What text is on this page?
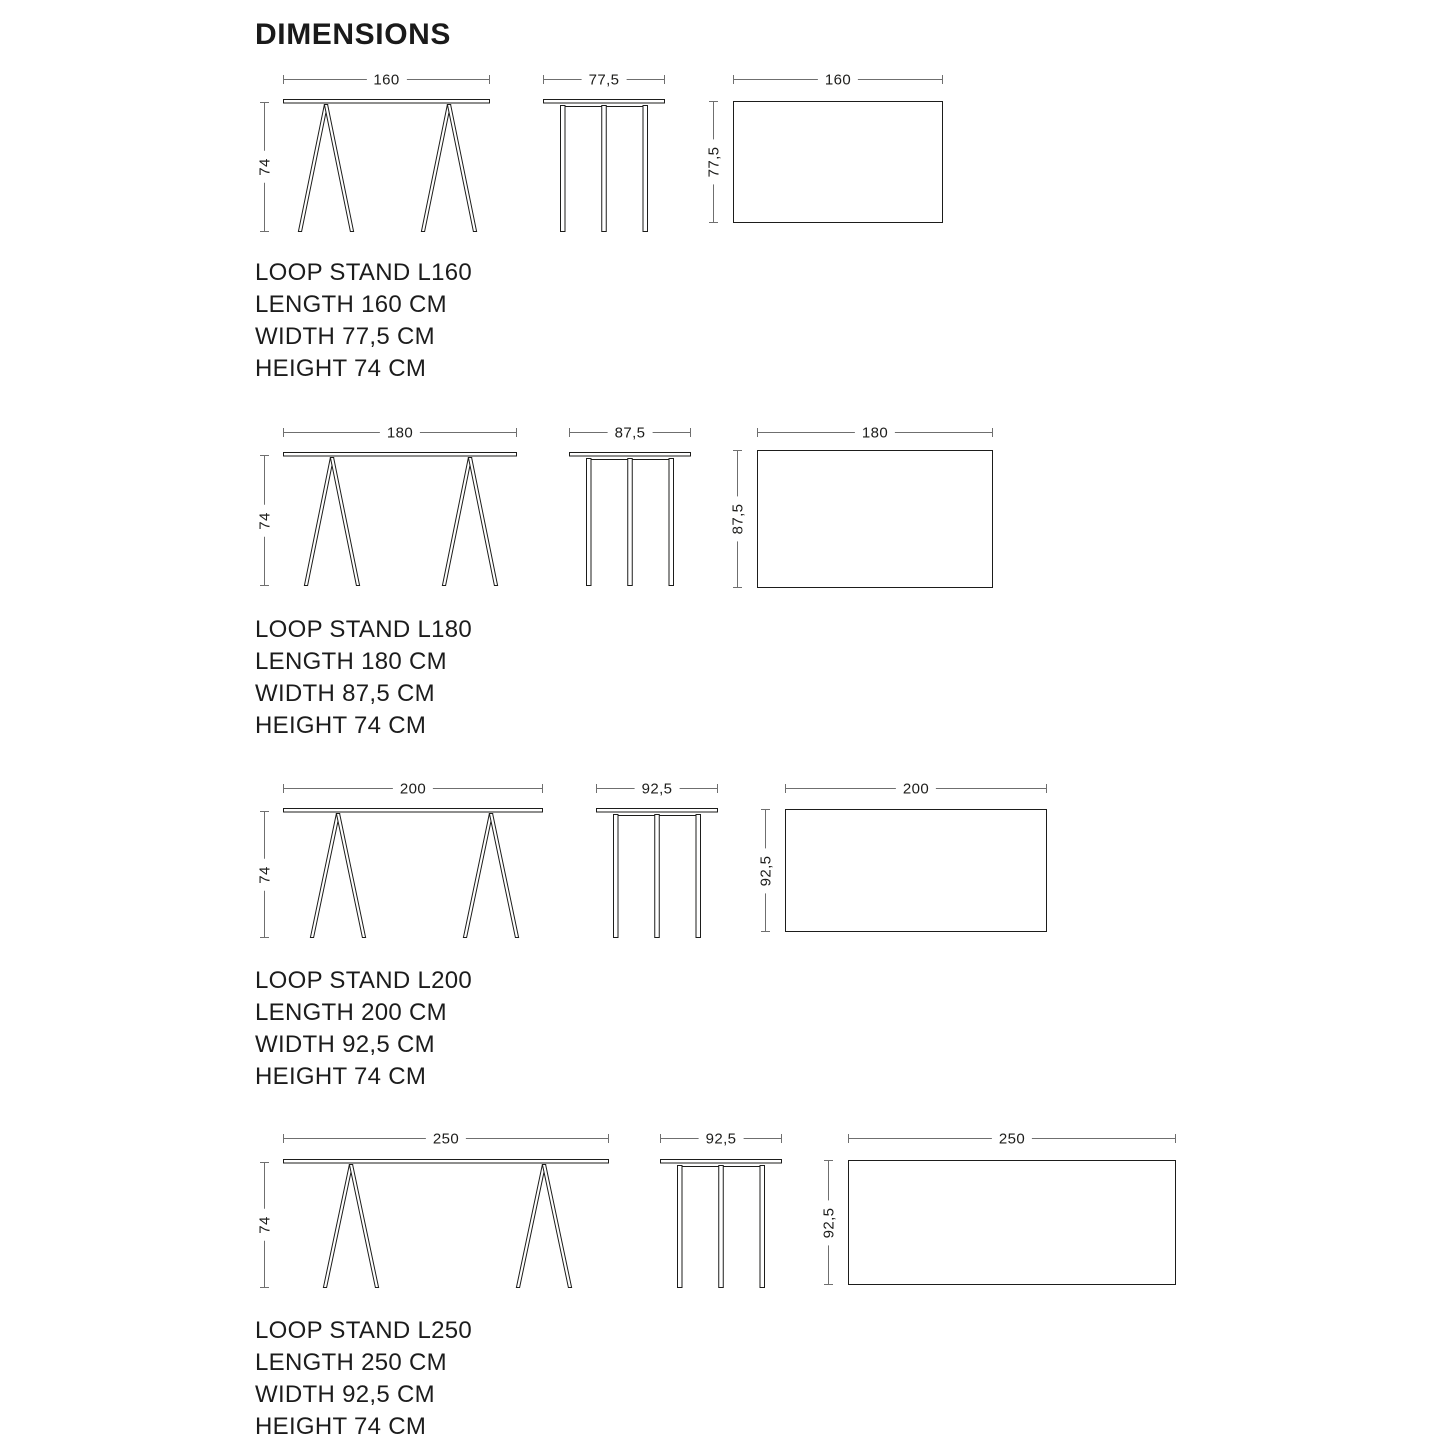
DIMENSIONS
160
74
77,5	160
77,5
LOOP STAND L160
LENGTH 160 CM
WIDTH 77,5 CM
HEIGHT 74 CM
180
74
87,5	180
87,5
LOOP STAND L180
LENGTH 180 CM
WIDTH 87,5 CM
HEIGHT 74 CM
200
74
92,5	200
92,5
LOOP STAND L200
LENGTH 200 CM
WIDTH 92,5 CM
HEIGHT 74 CM
250
74
92,5	250
92,5
LOOP STAND L250
LENGTH 250 CM
WIDTH 92,5 CM
HEIGHT 74 CM
